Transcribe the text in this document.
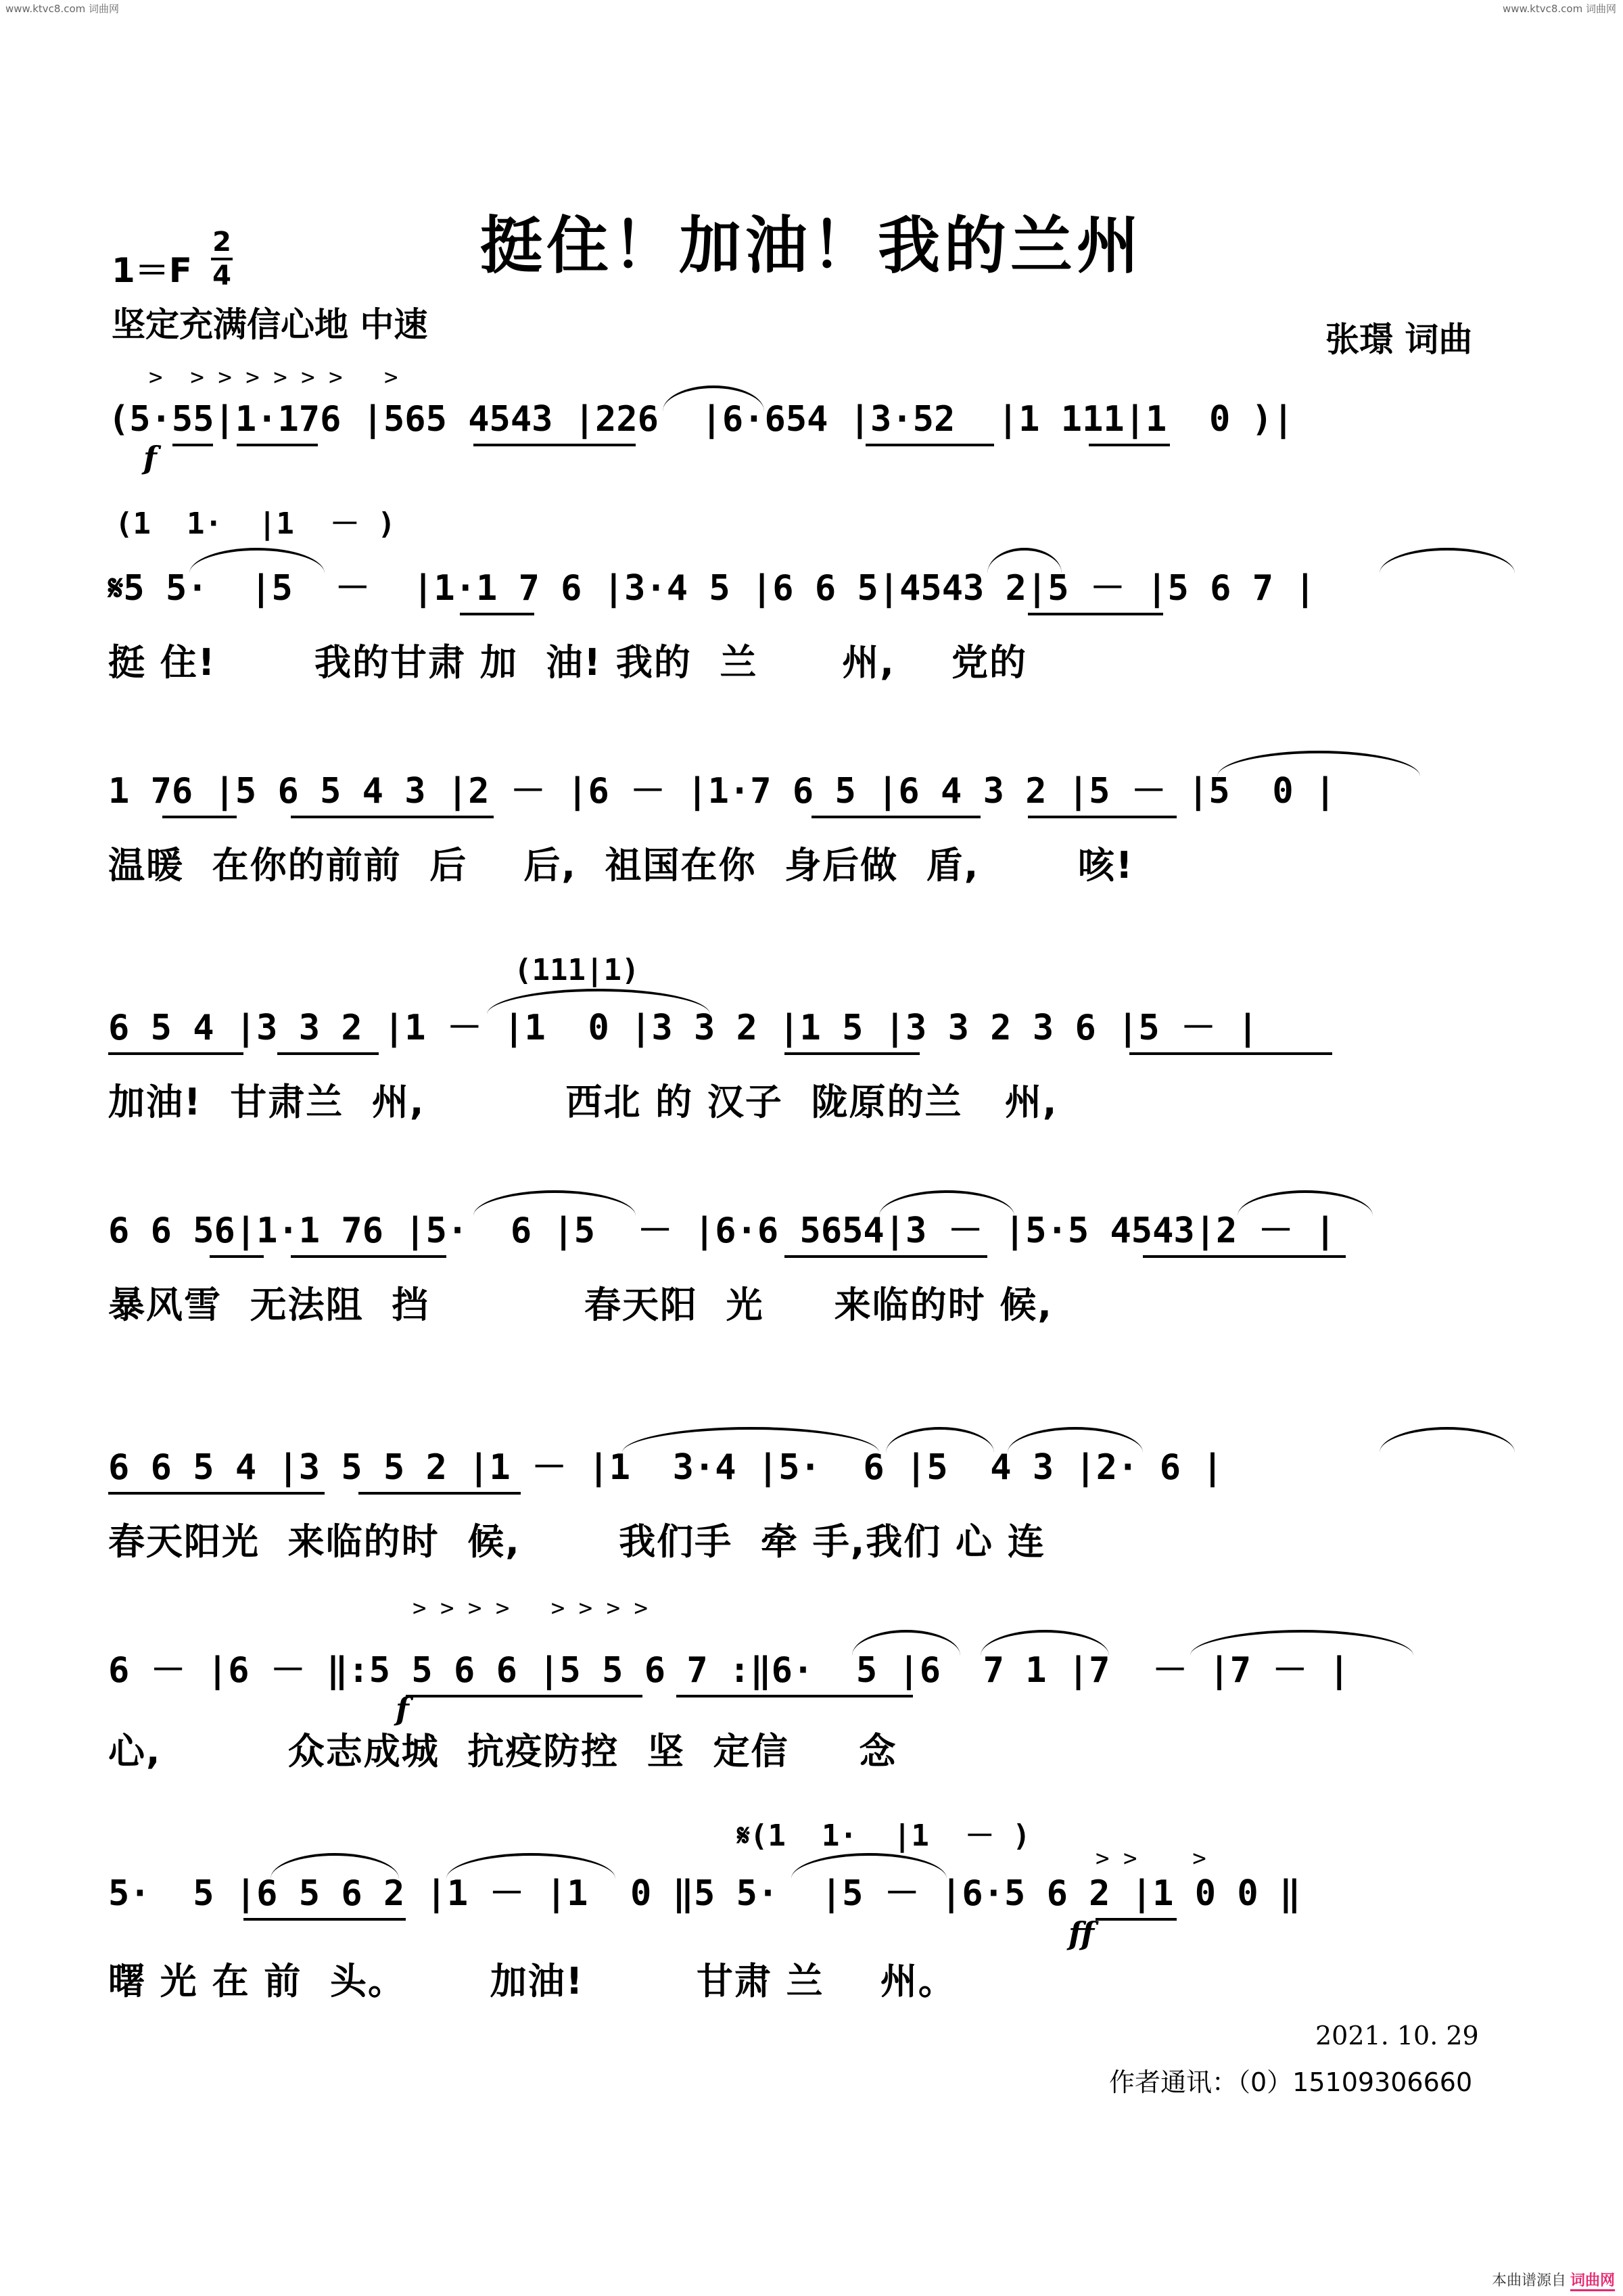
www.ktvc8.com 词曲网	www.ktvc8.com 词曲网
挺住！加油！我的兰州
1＝F
2
4
坚定充满信心地 中速	张璟 词曲
>  > > > > > >   >
(5·55|1·176 |565 4543 |226  |6·654 |3·52  |1 111|1  0 )|
f
(1  1·  |1  － )
𝄋5 5·  |5  －  |1·1 7 6 |3·4 5 |6 6 5|4543 2|5 － |5 6 7 |
挺 住!       我的甘肃 加  油! 我的  兰      州,    党的
1 76 |5 6 5 4 3 |2 － |6 － |1·7 6 5 |6 4 3 2 |5 － |5  0 |
温暖  在你的前前  后    后,  祖国在你  身后做  盾,       咳!
(111|1)
6 5 4 |3 3 2 |1 － |1  0 |3 3 2 |1 5 |3 3 2 3 6 |5 － |
加油!  甘肃兰  州,          西北 的 汉子  陇原的兰   州,
6 6 56|1·1 76 |5·  6 |5  － |6·6 5654|3 － |5·5 4543|2 － |
暴风雪  无法阻  挡           春天阳  光     来临的时 候,
6 6 5 4 |3 5 5 2 |1 － |1  3·4 |5·  6 |5  4 3 |2· 6 |
春天阳光  来临的时  候,       我们手  牵 手,我们 心 连
> > > >   > > > >
6 － |6 － ‖:5 5 6 6 |5 5 6 7 :‖6·  5 |6  7 1 |7  － |7 － |
f
心,         众志成城  抗疫防控  坚  定信     念
𝄋(1  1·  |1  － )
> >    >
5·  5 |6 5 6 2 |1 － |1  0 ‖5 5·  |5 － |6·5 6 2 |1 0 0 ‖
ff
曙 光 在 前  头。      加油!        甘肃 兰    州。
2021. 10. 29
作者通讯：（0）15109306660
本曲谱源自 词曲网
